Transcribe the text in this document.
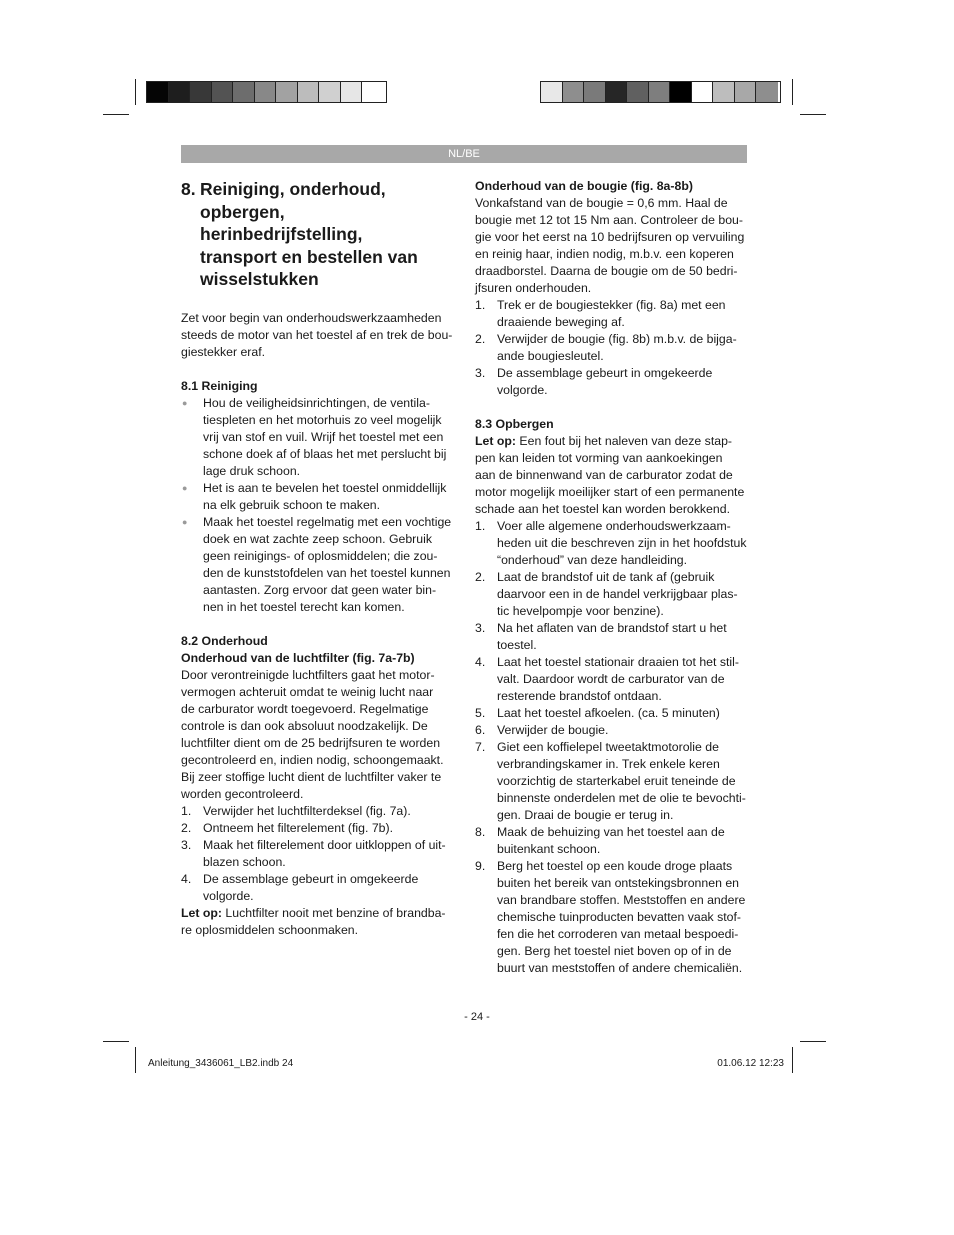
NL/BE
8. Reiniging, onderhoud,
opbergen,
herinbedrijfstelling,
transport en bestellen van
wisselstukken

Zet voor begin van onderhoudswerkzaamheden
steeds de motor van het toestel af en trek de bou-
giestekker eraf.

8.1 Reiniging
●	Hou de veiligheidsinrichtingen, de ventila-
tiespleten en het motorhuis zo veel mogelijk
vrij van stof en vuil. Wrijf het toestel met een
schone doek af of blaas het met perslucht bij
lage druk schoon.
●	Het is aan te bevelen het toestel onmiddellijk
na elk gebruik schoon te maken.
●	Maak het toestel regelmatig met een vochtige
doek en wat zachte zeep schoon. Gebruik
geen reinigings- of oplosmiddelen; die zou-
den de kunststofdelen van het toestel kunnen
aantasten. Zorg ervoor dat geen water bin-
nen in het toestel terecht kan komen.
8.2 Onderhoud
Onderhoud van de luchtfilter (fig. 7a-7b)

Door verontreinigde luchtfilters gaat het motor-
vermogen achteruit omdat te weinig lucht naar
de carburator wordt toegevoerd. Regelmatige
controle is dan ook absoluut noodzakelijk. De
luchtfilter dient om de 25 bedrijfsuren te worden
gecontroleerd en, indien nodig, schoongemaakt.
Bij zeer stoffige lucht dient de luchtfilter vaker te
worden gecontroleerd.

1. Verwijder het luchtfilterdeksel (fig. 7a).
2. Ontneem het filterelement (fig. 7b).
3. Maak het filterelement door uitkloppen of uit-
blazen schoon.
4. De assemblage gebeurt in omgekeerde
volgorde.

Let op: Luchtfilter nooit met benzine of brandba-
re oplosmiddelen schoonmaken.

Onderhoud van de bougie (fig. 8a-8b)

Vonkafstand van de bougie = 0,6 mm. Haal de
bougie met 12 tot 15 Nm aan. Controleer de bou-
gie voor het eerst na 10 bedrijfsuren op vervuiling
en reinig haar, indien nodig, m.b.v. een koperen
draadborstel. Daarna de bougie om de 50 bedri-
jfsuren onderhouden.

1. Trek er de bougiestekker (fig. 8a) met een
draaiende beweging af.
2. Verwijder de bougie (fig. 8b) m.b.v. de bijga-
ande bougiesleutel.
3. De assemblage gebeurt in omgekeerde
volgorde.
8.3 Opbergen

Let op: Een fout bij het naleven van deze stap-
pen kan leiden tot vorming van aankoekingen
aan de binnenwand van de carburator zodat de
motor mogelijk moeilijker start of een permanente
schade aan het toestel kan worden berokkend.

1. Voer alle algemene onderhoudswerkzaam-
heden uit die beschreven zijn in het hoofdstuk
“onderhoud” van deze handleiding.
2. Laat de brandstof uit de tank af (gebruik
daarvoor een in de handel verkrijgbaar plas-
tic hevelpompje voor benzine).
3. Na het aflaten van de brandstof start u het
toestel.
4. Laat het toestel stationair draaien tot het stil-
valt. Daardoor wordt de carburator van de
resterende brandstof ontdaan.
5. Laat het toestel afkoelen. (ca. 5 minuten)
6. Verwijder de bougie.
7. Giet een koffielepel tweetaktmotorolie de
verbrandingskamer in. Trek enkele keren
voorzichtig de starterkabel eruit teneinde de
binnenste onderdelen met de olie te bevochti-
gen. Draai de bougie er terug in.
8. Maak de behuizing van het toestel aan de
buitenkant schoon.
9. Berg het toestel op een koude droge plaats
buiten het bereik van ontstekingsbronnen en
van brandbare stoffen. Meststoffen en andere
chemische tuinproducten bevatten vaak stof-
fen die het corroderen van metaal bespoedi-
gen. Berg het toestel niet boven op of in de
buurt van meststoffen of andere chemicaliën.
- 24 -
Anleitung_3436061_LB2.indb 24	01.06.12 12:23
